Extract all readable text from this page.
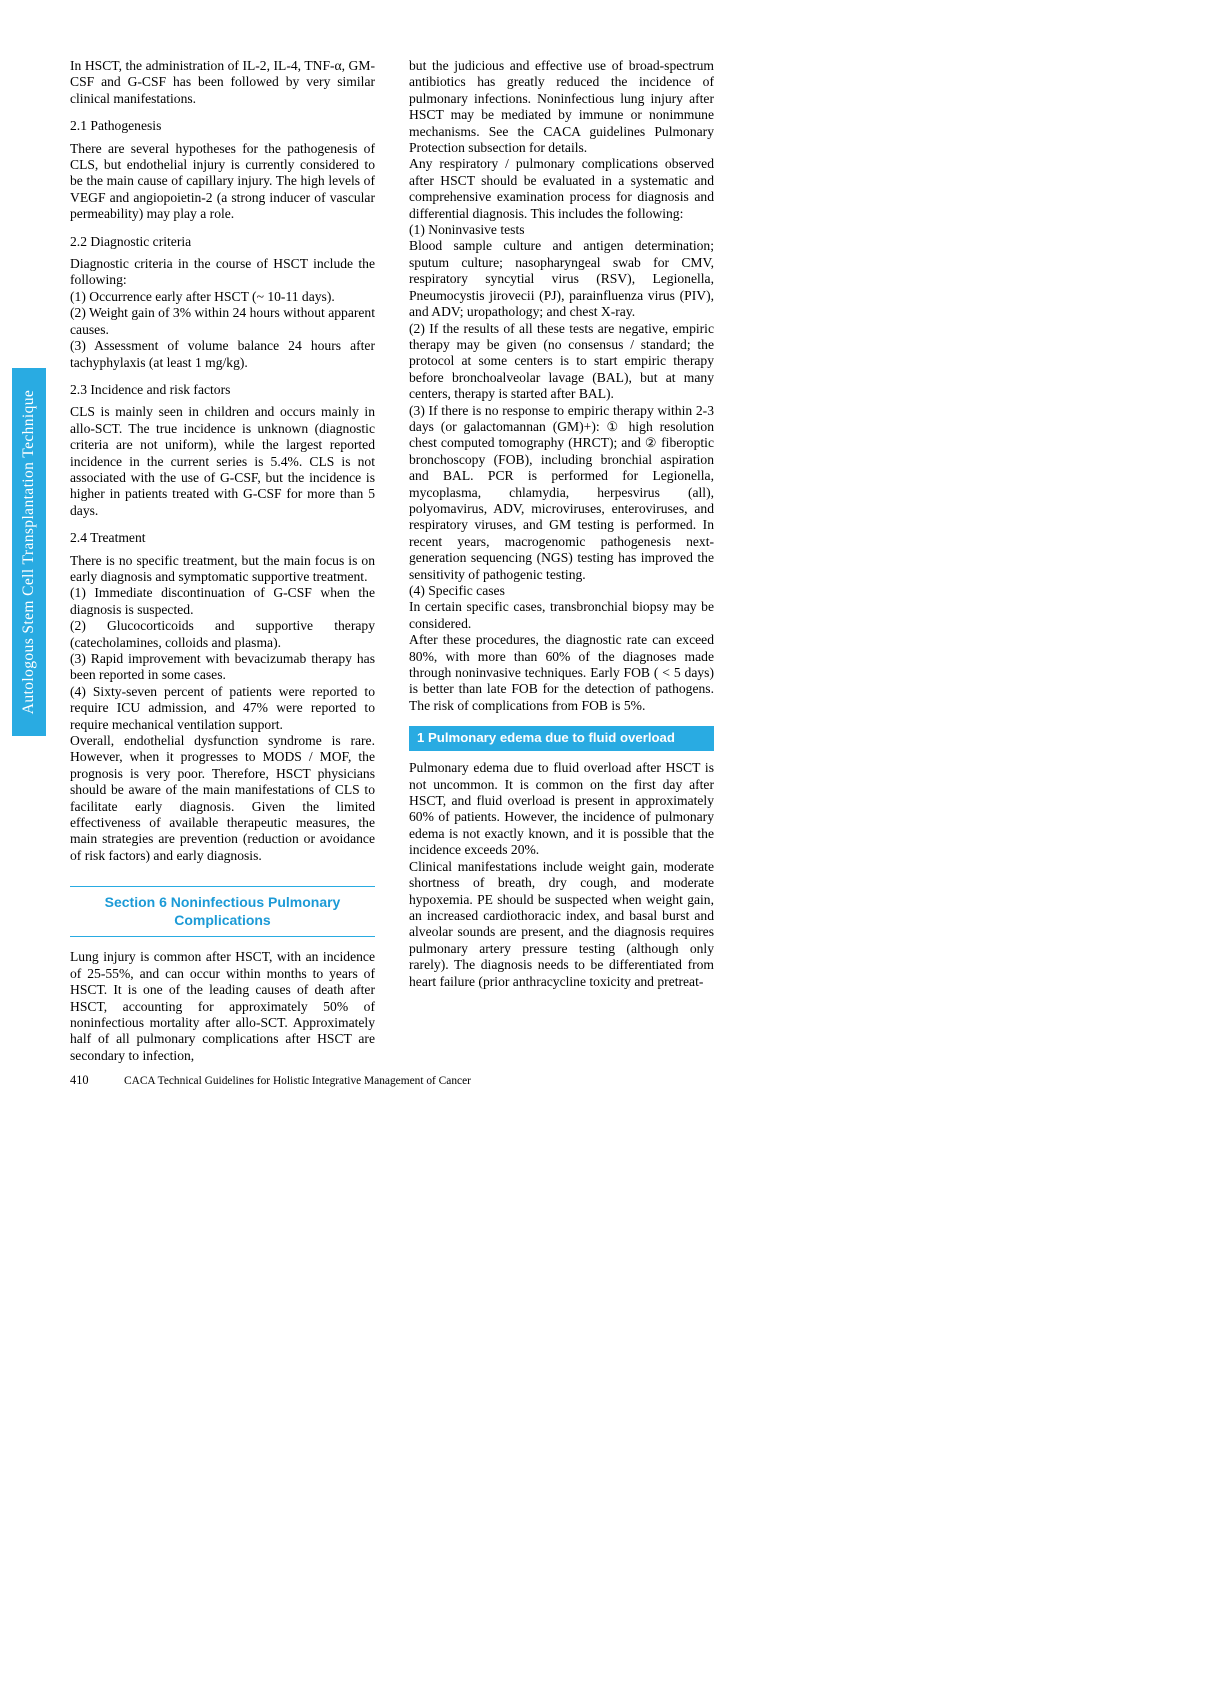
Autologous Stem Cell Transplantation Technique

In HSCT, the administration of IL-2, IL-4, TNF-α, GM-CSF and G-CSF has been followed by very similar clinical manifestations.

2.1 Pathogenesis

There are several hypotheses for the pathogenesis of CLS, but endothelial injury is currently considered to be the main cause of capillary injury. The high levels of VEGF and angiopoietin-2 (a strong inducer of vascular permeability) may play a role.

2.2 Diagnostic criteria

Diagnostic criteria in the course of HSCT include the following:

(1) Occurrence early after HSCT (~ 10-11 days).

(2) Weight gain of 3% within 24 hours without apparent causes.

(3) Assessment of volume balance 24 hours after tachyphylaxis (at least 1 mg/kg).

2.3 Incidence and risk factors

CLS is mainly seen in children and occurs mainly in allo-SCT. The true incidence is unknown (diagnostic criteria are not uniform), while the largest reported incidence in the current series is 5.4%. CLS is not associated with the use of G-CSF, but the incidence is higher in patients treated with G-CSF for more than 5 days.

2.4 Treatment

There is no specific treatment, but the main focus is on early diagnosis and symptomatic supportive treatment.

(1) Immediate discontinuation of G-CSF when the diagnosis is suspected.

(2) Glucocorticoids and supportive therapy (catecholamines, colloids and plasma).

(3) Rapid improvement with bevacizumab therapy has been reported in some cases.

(4) Sixty-seven percent of patients were reported to require ICU admission, and 47% were reported to require mechanical ventilation support.

Overall, endothelial dysfunction syndrome is rare. However, when it progresses to MODS / MOF, the prognosis is very poor. Therefore, HSCT physicians should be aware of the main manifestations of CLS to facilitate early diagnosis. Given the limited effectiveness of available therapeutic measures, the main strategies are prevention (reduction or avoidance of risk factors) and early diagnosis.

Section 6 Noninfectious Pulmonary Complications

Lung injury is common after HSCT, with an incidence of 25-55%, and can occur within months to years of HSCT. It is one of the leading causes of death after HSCT, accounting for approximately 50% of noninfectious mortality after allo-SCT. Approximately half of all pulmonary complications after HSCT are secondary to infection,

but the judicious and effective use of broad-spectrum antibiotics has greatly reduced the incidence of pulmonary infections. Noninfectious lung injury after HSCT may be mediated by immune or nonimmune mechanisms. See the CACA guidelines Pulmonary Protection subsection for details.

Any respiratory / pulmonary complications observed after HSCT should be evaluated in a systematic and comprehensive examination process for diagnosis and differential diagnosis. This includes the following:

(1) Noninvasive tests

Blood sample culture and antigen determination; sputum culture; nasopharyngeal swab for CMV, respiratory syncytial virus (RSV), Legionella, Pneumocystis jirovecii (PJ), parainfluenza virus (PIV), and ADV; uropathology; and chest X-ray.

(2) If the results of all these tests are negative, empiric therapy may be given (no consensus / standard; the protocol at some centers is to start empiric therapy before bronchoalveolar lavage (BAL), but at many centers, therapy is started after BAL).

(3) If there is no response to empiric therapy within 2-3 days (or galactomannan (GM)+): ① high resolution chest computed tomography (HRCT); and ② fiberoptic bronchoscopy (FOB), including bronchial aspiration and BAL. PCR is performed for Legionella, mycoplasma, chlamydia, herpesvirus (all), polyomavirus, ADV, microviruses, enteroviruses, and respiratory viruses, and GM testing is performed. In recent years, macrogenomic pathogenesis next-generation sequencing (NGS) testing has improved the sensitivity of pathogenic testing.

(4) Specific cases

In certain specific cases, transbronchial biopsy may be considered.

After these procedures, the diagnostic rate can exceed 80%, with more than 60% of the diagnoses made through noninvasive techniques. Early FOB ( < 5 days) is better than late FOB for the detection of pathogens. The risk of complications from FOB is 5%.

1 Pulmonary edema due to fluid overload

Pulmonary edema due to fluid overload after HSCT is not uncommon. It is common on the first day after HSCT, and fluid overload is present in approximately 60% of patients. However, the incidence of pulmonary edema is not exactly known, and it is possible that the incidence exceeds 20%.

Clinical manifestations include weight gain, moderate shortness of breath, dry cough, and moderate hypoxemia. PE should be suspected when weight gain, an increased cardiothoracic index, and basal burst and alveolar sounds are present, and the diagnosis requires pulmonary artery pressure testing (although only rarely). The diagnosis needs to be differentiated from heart failure (prior anthracycline toxicity and pretreat-

410	CACA Technical Guidelines for Holistic Integrative Management of Cancer
